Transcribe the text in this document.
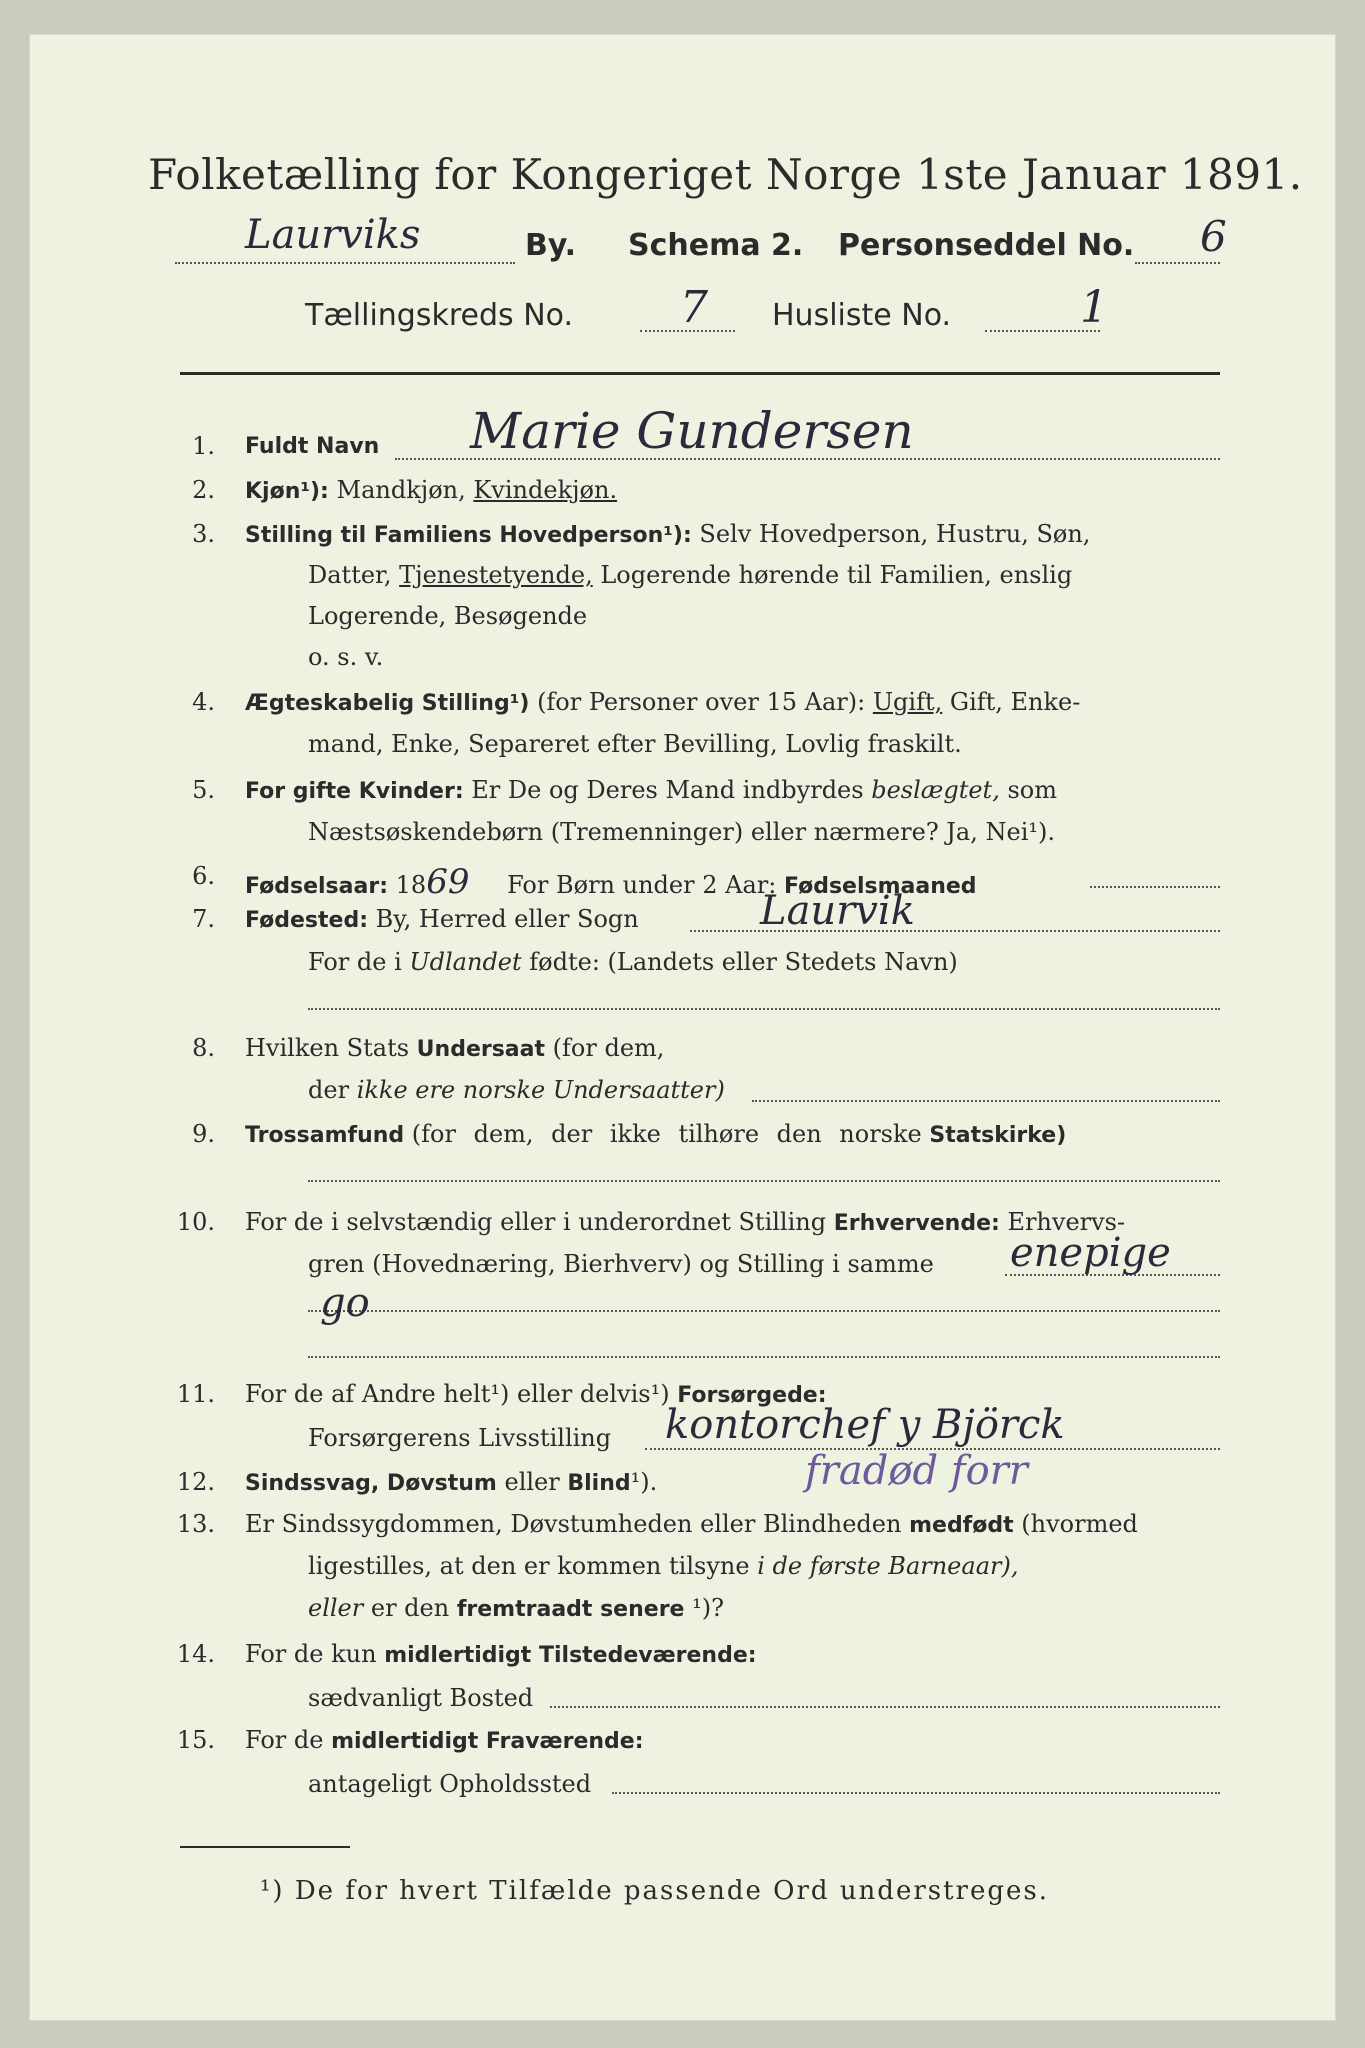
Folketælling for Kongeriget Norge 1ste Januar 1891.
Laurviks	By. Schema 2. Personseddel No. 6
Tællingskreds No. 7 Husliste No.	1
1. Fuldt Navn Marie Gundersen
2. Kjøn¹): Mandkjøn, Kvindekjøn.
3. Stilling til Familiens Hovedperson¹): Selv Hovedperson, Hustru, Søn,
Datter, Tjenestetyende, Logerende hørende til Familien, enslig
Logerende, Besøgende
o. s. v.
4. Ægteskabelig Stilling¹) (for Personer over 15 Aar): Ugift, Gift, Enke-
mand, Enke, Separeret efter Bevilling, Lovlig fraskilt.
5. For gifte Kvinder: Er De og Deres Mand indbyrdes beslægtet, som
Næstsøskendebørn (Tremenninger) eller nærmere? Ja, Nei¹).
6. Fødselsaar: 1869 For Børn under 2 Aar: Fødselsmaaned
7. Fødested: By, Herred eller Sogn	Laurvik
For de i Udlandet fødte: (Landets eller Stedets Navn)
8. Hvilken Stats Undersaat (for dem,
der ikke ere norske Undersaatter)
9. Trossamfund (for dem, der ikke tilhøre den norske Statskirke)
10. For de i selvstændig eller i underordnet Stilling Erhvervende: Erhvervs-
gren (Hovednæring, Bierhverv) og Stilling i samme enepige
go
11. For de af Andre helt¹) eller delvis¹) Forsørgede:
Forsørgerens Livsstilling kontorchef y Björck
12. Sindssvag, Døvstum eller Blind¹).	fradød forr
13. Er Sindssygdommen, Døvstumheden eller Blindheden medfødt (hvormed
ligestilles, at den er kommen tilsyne i de første Barneaar),
eller er den fremtraadt senere ¹)?
14. For de kun midlertidigt Tilstedeværende:
sædvanligt Bosted
15. For de midlertidigt Fraværende:
antageligt Opholdssted
¹) De for hvert Tilfælde passende Ord understreges.
